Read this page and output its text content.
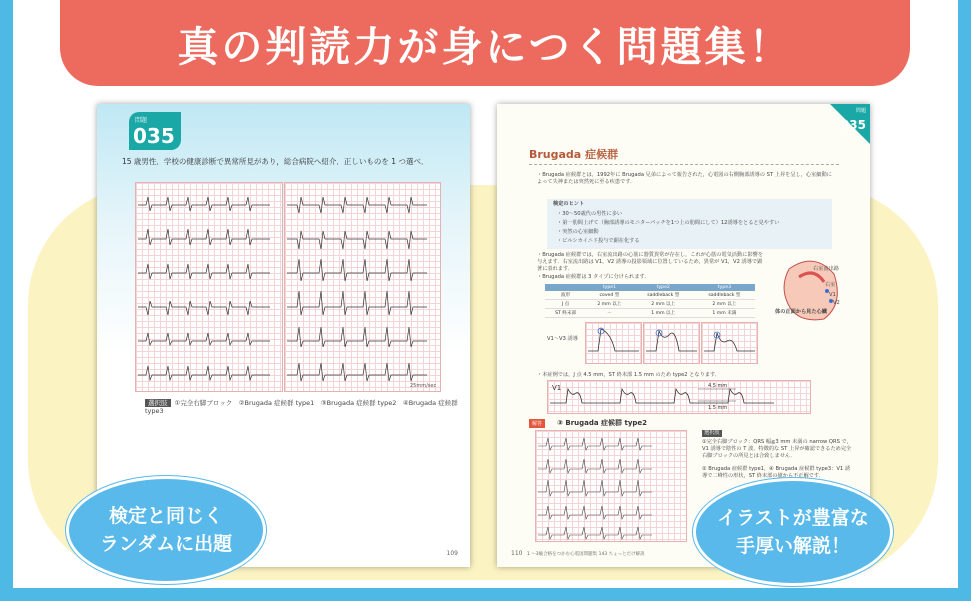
真の判読力が身につく問題集！
問題
035
15 歳男性．学校の健康診断で異常所見があり，総合病院へ紹介．正しいものを 1 つ選べ．
25mm/sec
選択肢 ①完全右脚ブロック　②Brugada 症候群 type1　③Brugada 症候群 type2　④Brugada 症候群 type3
109
問題
035
Brugada 症候群
・Brugada 症候群とは，1992年に Brugada 兄弟によって報告された，心電図の右側胸部誘導の ST 上昇を呈し，心室細動によって失神または突然死に至る疾患です．
検定のヒント
・30～50歳代の男性に多い
・第一肋間上げて（胸部誘導のモニターパッチを1つ上の肋間にして）12誘導をとると見やすい
・突然の心室細動
・ビルシカイニド投与で顕在化する
・Brugada 症候群では，右室流出路の心筋に器質異常が存在し，これが心筋の電気活動に影響を与えます．右室流出路は V1，V2 誘導の投影領域に位置しているため，異常が V1，V2 誘導で顕著に表れます．
・Brugada 症候群は 3 タイプに分けられます．
	type1	type2	type3
波形	coved 型	saddleback 型	saddleback 型
J 点	2 mm 以上	2 mm 以上	2 mm 以上
ST 終末部	－	1 mm 以上	1 mm 未満
V1～V3 誘導
右室流出路
右室
V1
V2
体の正面から見た心臓
・本症例では，J 点 4.5 mm，ST 終末部 1.5 mm のため type2 となります．
V1	4.5 mm
1.5 mm
解答	③ Brugada 症候群 type2
選択肢
①完全右脚ブロック：QRS 幅≧3 mm 未満の narrow QRS で，V1 誘導で陰性の T 波，特徴的な ST 上昇が確認できるため完全右脚ブロックの所見とは合致しません．
② Brugada 症候群 type1，④ Brugada 症候群 type3：V1 誘導で二峰性の形状，ST 終末部の値から不正解です．
110 1 ～3級合格をつかむ心電図問題集 143 ちょっとだけ解説
検定と同じく
ランダムに出題
イラストが豊富な
手厚い解説！
